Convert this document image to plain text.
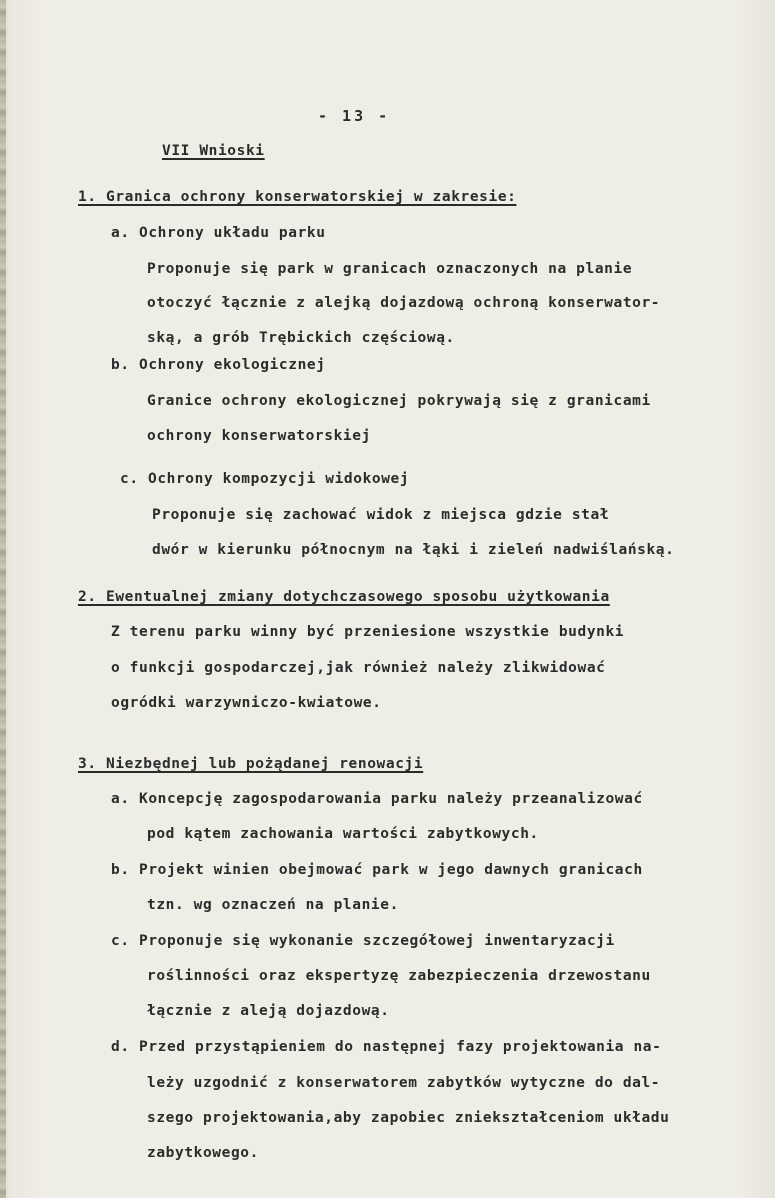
- 13 -
VII Wnioski
1. Granica ochrony konserwatorskiej w zakresie:
a. Ochrony układu parku
Proponuje się park w granicach oznaczonych na planie
otoczyć łącznie z alejką dojazdową ochroną konserwator-
ską, a grób Trębickich częściową.
b. Ochrony ekologicznej
Granice ochrony ekologicznej pokrywają się z granicami
ochrony konserwatorskiej
c. Ochrony kompozycji widokowej
Proponuje się zachować widok z miejsca gdzie stał
dwór w kierunku północnym na łąki i zieleń nadwiślańską.
2. Ewentualnej zmiany dotychczasowego sposobu użytkowania
Z terenu parku winny być przeniesione wszystkie budynki
o funkcji gospodarczej,jak również należy zlikwidować
ogródki warzywniczo-kwiatowe.
3. Niezbędnej lub pożądanej renowacji
a. Koncepcję zagospodarowania parku należy przeanalizować
pod kątem zachowania wartości zabytkowych.
b. Projekt winien obejmować park w jego dawnych granicach
tzn. wg oznaczeń na planie.
c. Proponuje się wykonanie szczegółowej inwentaryzacji
roślinności oraz ekspertyzę zabezpieczenia drzewostanu
łącznie z aleją dojazdową.
d. Przed przystąpieniem do następnej fazy projektowania na-
leży uzgodnić z konserwatorem zabytków wytyczne do dal-
szego projektowania,aby zapobiec zniekształceniom układu
zabytkowego.
